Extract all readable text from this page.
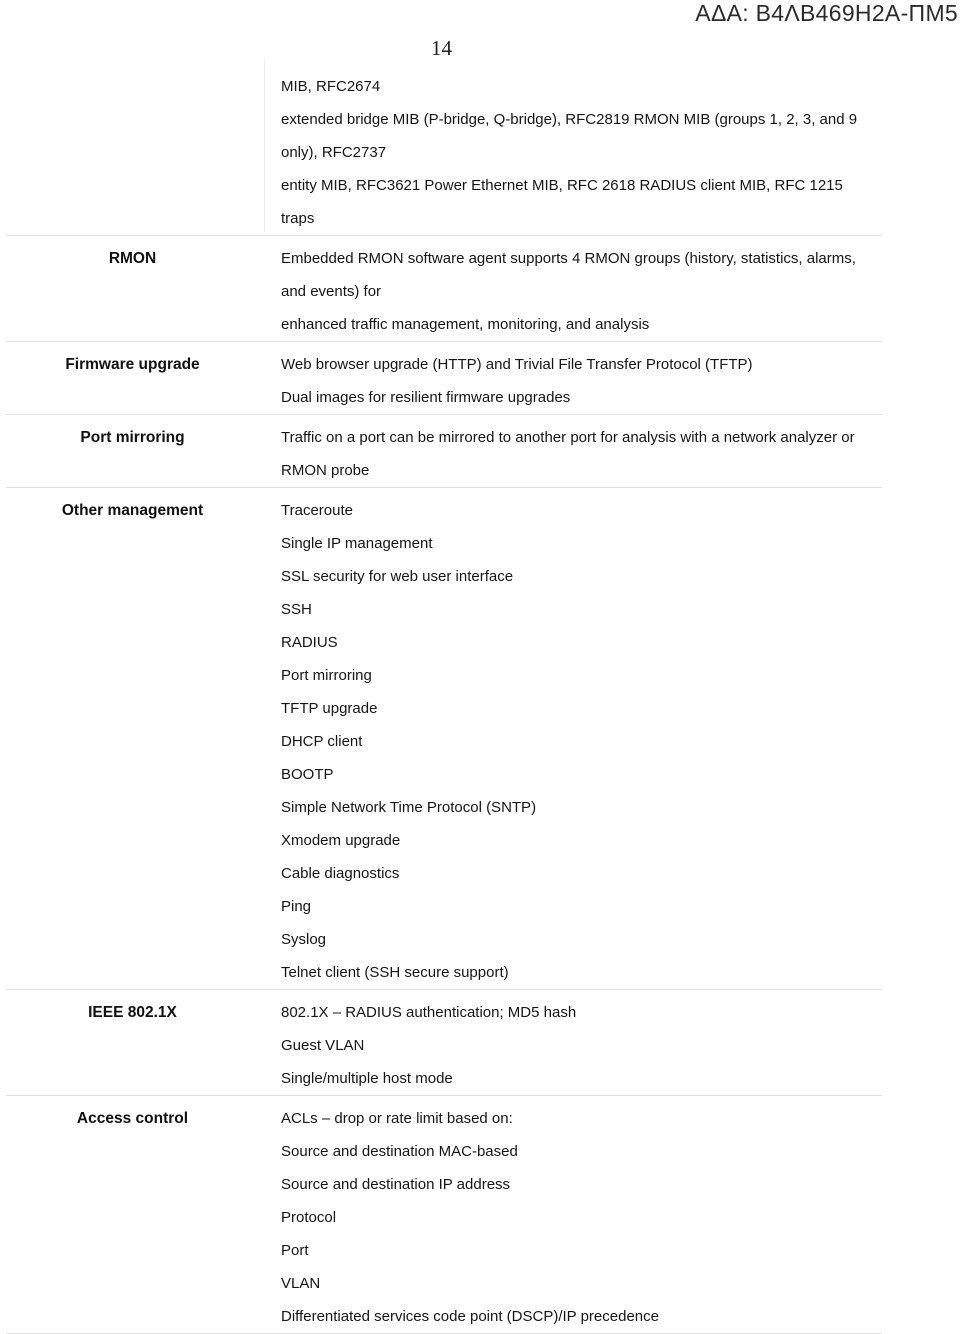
ΑΔΑ: Β4ΛΒ469Η2Α-ΠΜ5
14
MIB, RFC2674
extended bridge MIB (P-bridge, Q-bridge), RFC2819 RMON MIB (groups 1, 2, 3, and 9
only), RFC2737
entity MIB, RFC3621 Power Ethernet MIB, RFC 2618 RADIUS client MIB, RFC 1215
traps
RMON	Embedded RMON software agent supports 4 RMON groups (history, statistics, alarms,
and events) for
enhanced traffic management, monitoring, and analysis
Firmware upgrade	Web browser upgrade (HTTP) and Trivial File Transfer Protocol (TFTP)
Dual images for resilient firmware upgrades
Port mirroring	Traffic on a port can be mirrored to another port for analysis with a network analyzer or
RMON probe
Other management	Traceroute
Single IP management
SSL security for web user interface
SSH
RADIUS
Port mirroring
TFTP upgrade
DHCP client
BOOTP
Simple Network Time Protocol (SNTP)
Xmodem upgrade
Cable diagnostics
Ping
Syslog
Telnet client (SSH secure support)
IEEE 802.1X	802.1X – RADIUS authentication; MD5 hash
Guest VLAN
Single/multiple host mode
Access control	ACLs – drop or rate limit based on:
Source and destination MAC-based
Source and destination IP address
Protocol
Port
VLAN
Differentiated services code point (DSCP)/IP precedence
